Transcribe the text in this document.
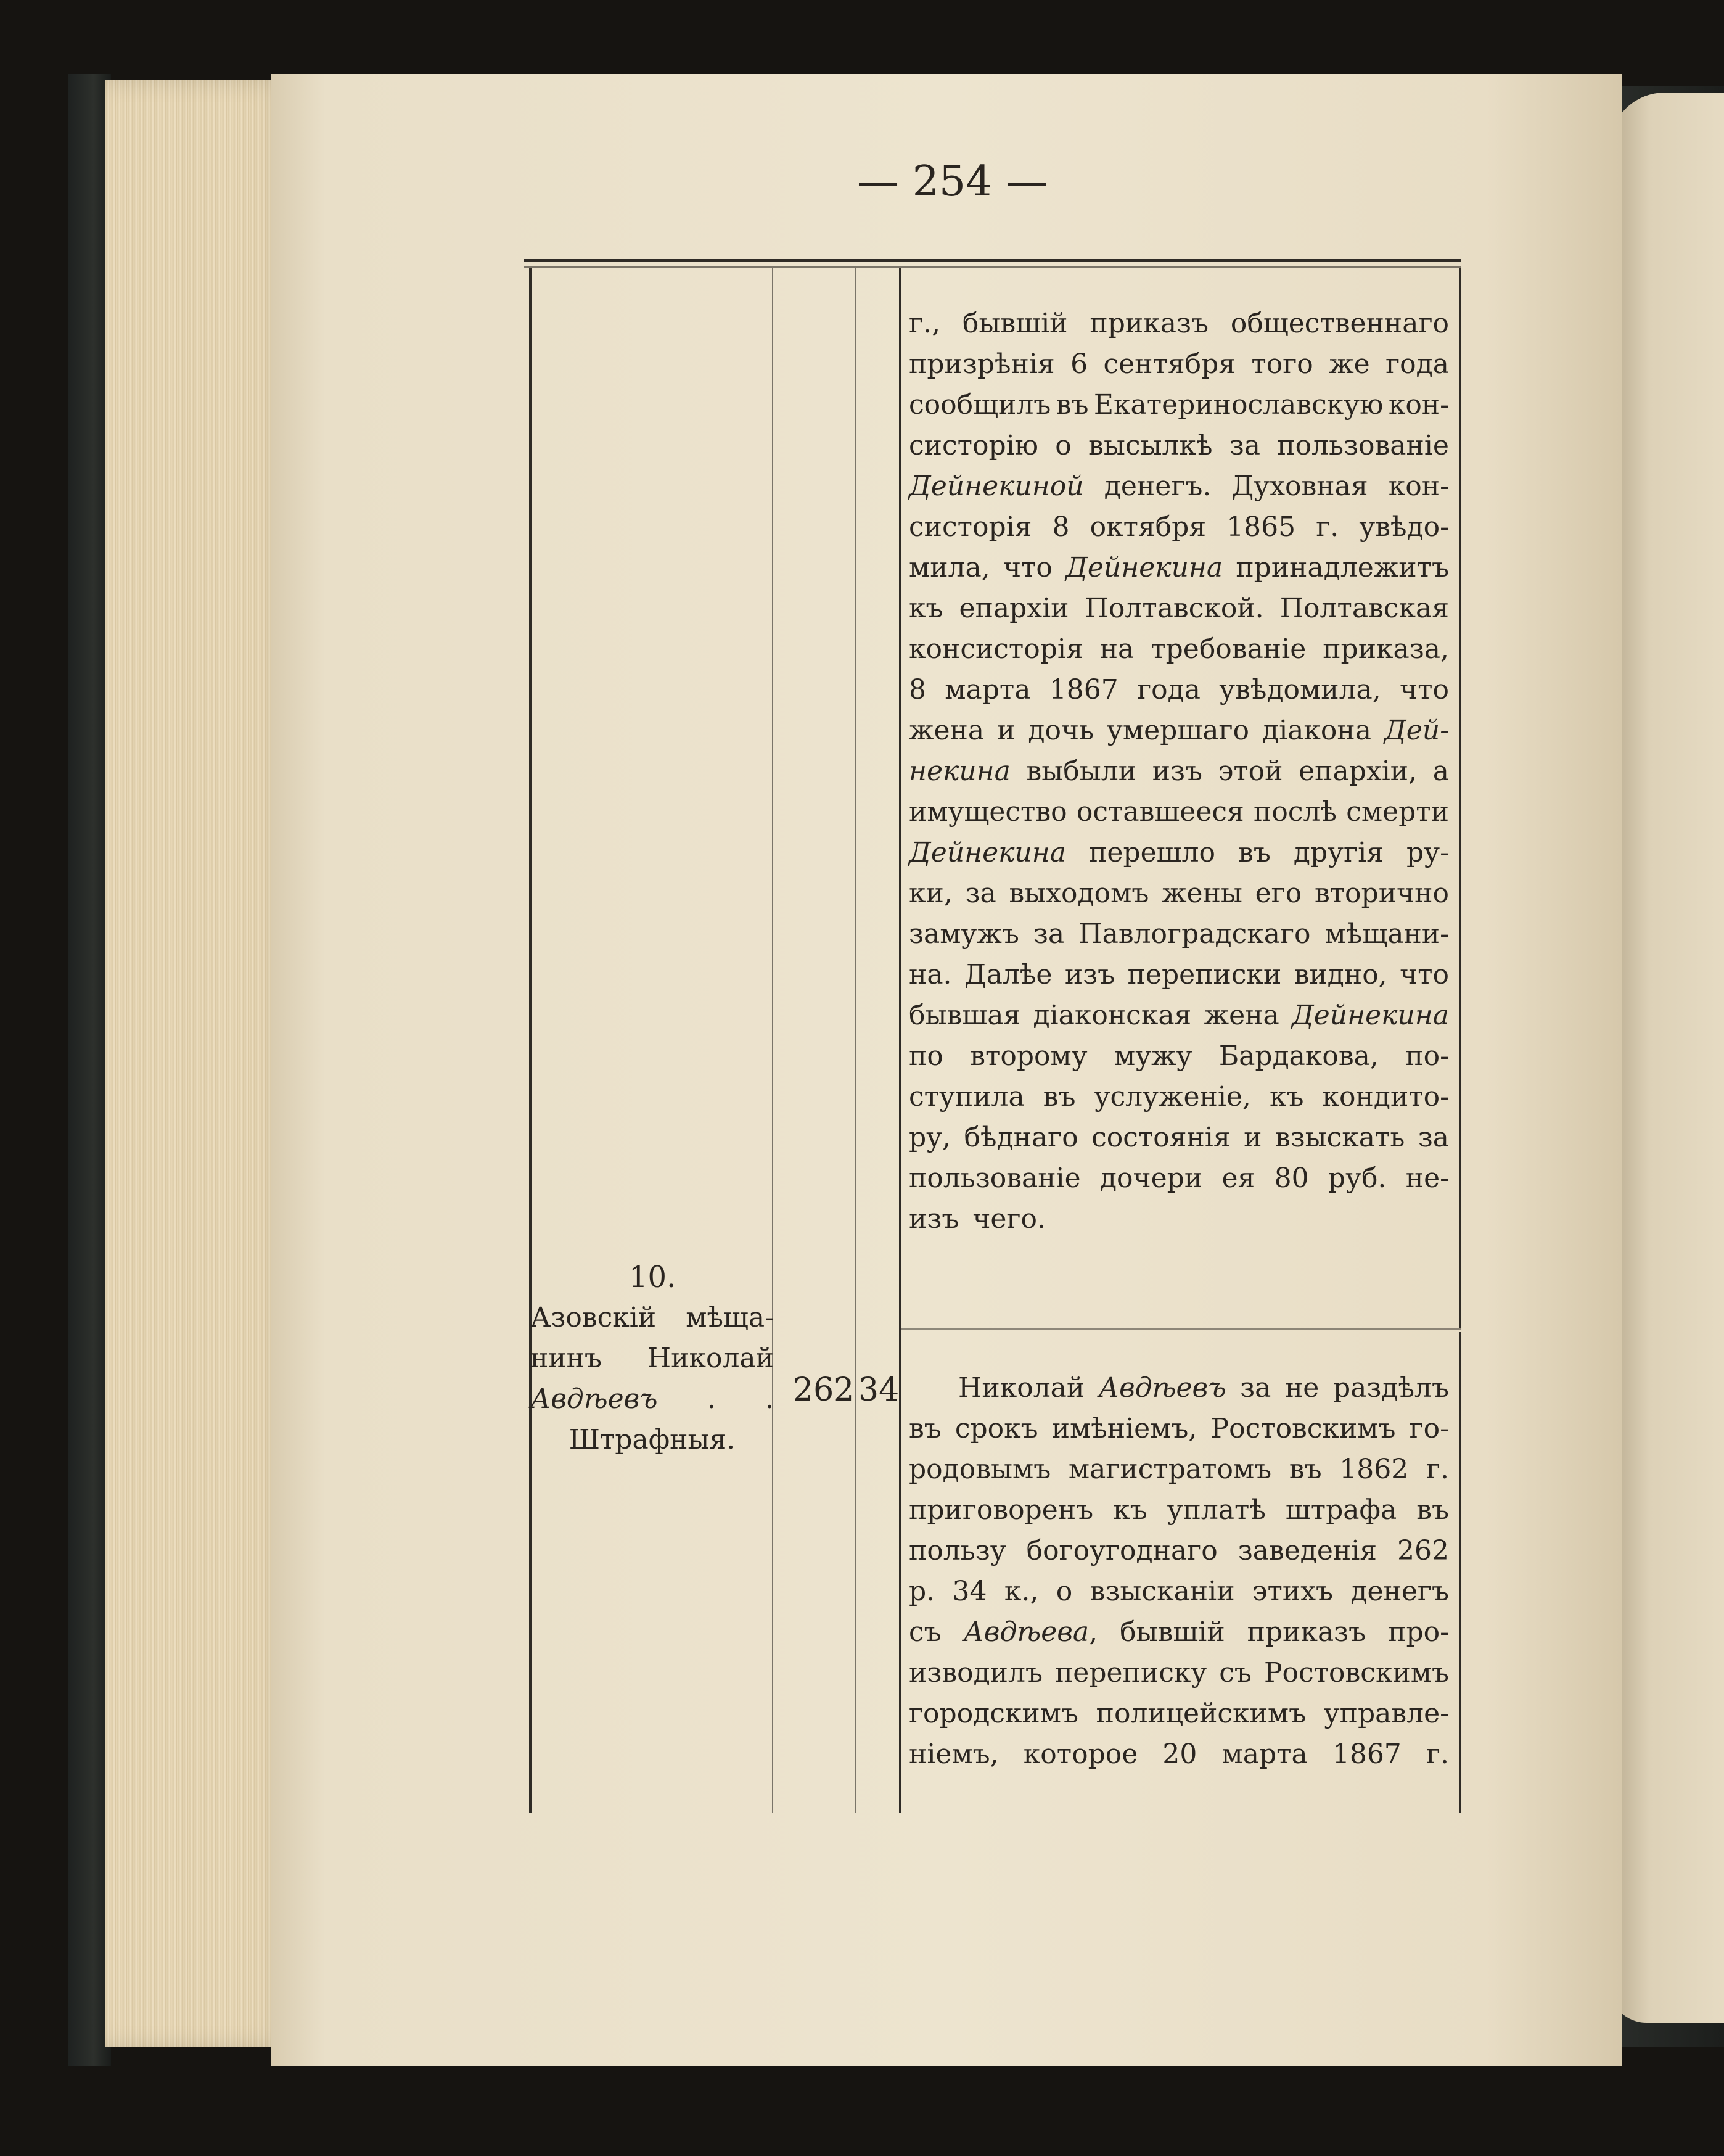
— 254 —
г., бывшiй приказъ общественнаго
призрѣнiя 6 сентября того же года
сообщилъ въ Екатеринославскую кон-
систорiю о высылкѣ за пользованiе
Дейнекиной денегъ. Духовная кон-
систорiя 8 октября 1865 г. увѣдо-
мила, что Дейнекина принадлежитъ
къ епархiи Полтавской. Полтавская
консисторiя на требованiе приказа,
8 марта 1867 года увѣдомила, что
жена и дочь умершаго дiакона Дей-
некина выбыли изъ этой епархiи, а
имущество оставшееся послѣ смерти
Дейнекина перешло въ другiя ру-
ки, за выходомъ жены его вторично
замужъ за Павлоградскаго мѣщани-
на. Далѣе изъ переписки видно, что
бывшая дiаконская жена Дейнекина
по второму мужу Бардакова, по-
ступила въ услуженiе, къ кондито-
ру, бѣднаго состоянiя и взыскать за
пользованiе дочери ея 80 руб. не-
изъ чего.
10.
Азовскiй мѣща-
нинъ Николай
Авдѣевъ . .
Штрафныя.
262 34 Николай Авдѣевъ за не раздѣлъ
въ срокъ имѣнiемъ, Ростовскимъ го-
родовымъ магистратомъ въ 1862 г.
приговоренъ къ уплатѣ штрафа въ
пользу богоугоднаго заведенiя 262
р. 34 к., о взысканiи этихъ денегъ
съ Авдѣева, бывшiй приказъ про-
изводилъ переписку съ Ростовскимъ
городскимъ полицейскимъ управле-
нiемъ, которое 20 марта 1867 г.
